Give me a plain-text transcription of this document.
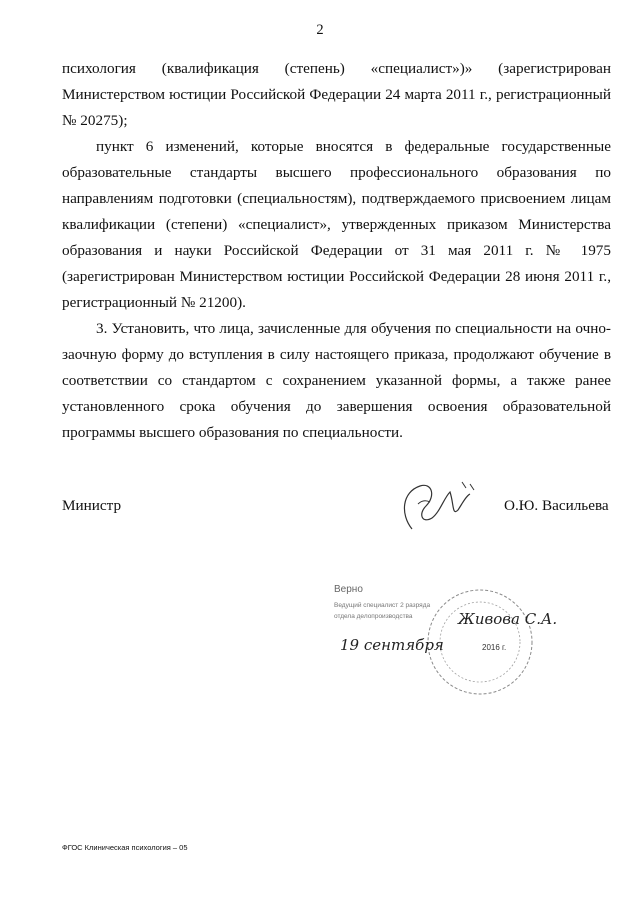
2

психология (квалификация (степень) «специалист»)» (зарегистрирован Министерством юстиции Российской Федерации 24 марта 2011 г., регистрационный № 20275);

пункт 6 изменений, которые вносятся в федеральные государственные образовательные стандарты высшего профессионального образования по направлениям подготовки (специальностям), подтверждаемого присвоением лицам квалификации (степени) «специалист», утвержденных приказом Министерства образования и науки Российской Федерации от 31 мая 2011 г. № 1975 (зарегистрирован Министерством юстиции Российской Федерации 28 июня 2011 г., регистрационный № 21200).

3. Установить, что лица, зачисленные для обучения по специальности на очно-заочную форму до вступления в силу настоящего приказа, продолжают обучение в соответствии со стандартом с сохранением указанной формы, а также ранее установленного срока обучения до завершения освоения образовательной программы высшего образования по специальности.

Министр	О.Ю. Васильева
Верно
Ведущий специалист 2 разряда
отдела делопроизводства	Живова С.А.
19 сентября	2016 г.
ФГОС Клиническая психология – 05
